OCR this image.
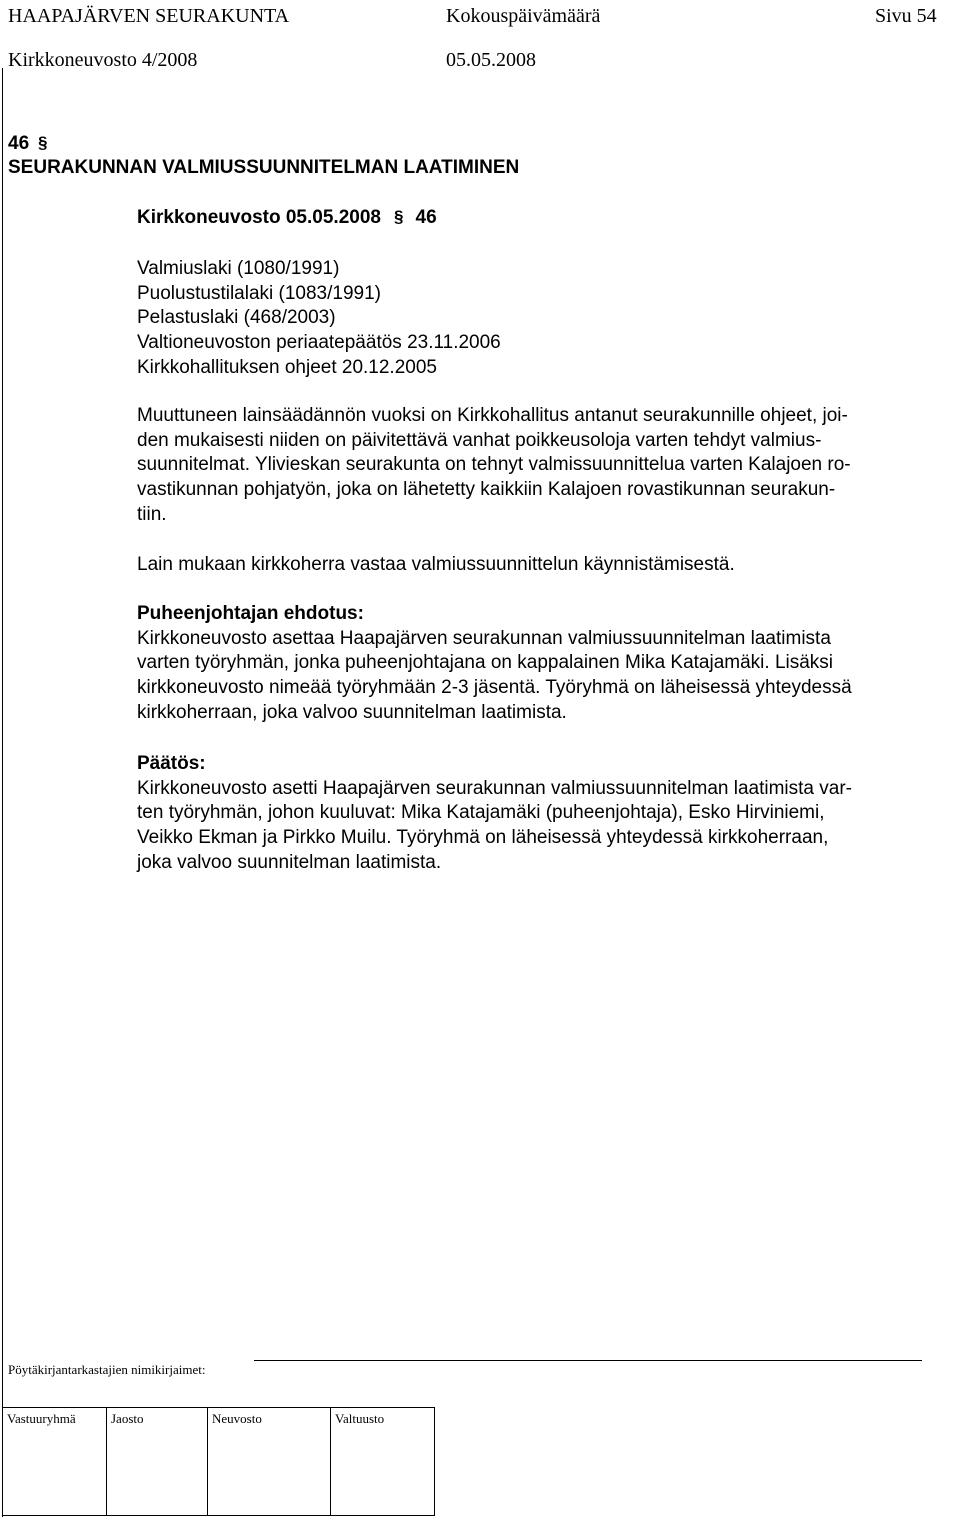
HAAPAJÄRVEN SEURAKUNTA	Kokouspäivämäärä	Sivu 54
Kirkkoneuvosto 4/2008	05.05.2008
46 §
SEURAKUNNAN VALMIUSSUUNNITELMAN LAATIMINEN
Kirkkoneuvosto 05.05.2008 § 46
Valmiuslaki (1080/1991)
Puolustustilalaki (1083/1991)
Pelastuslaki (468/2003)
Valtioneuvoston periaatepäätös 23.11.2006
Kirkkohallituksen ohjeet 20.12.2005
Muuttuneen lainsäädännön vuoksi on Kirkkohallitus antanut seurakunnille ohjeet, joi-
den mukaisesti niiden on päivitettävä vanhat poikkeusoloja varten tehdyt valmius-
suunnitelmat. Ylivieskan seurakunta on tehnyt valmissuunnittelua varten Kalajoen ro-
vastikunnan pohjatyön, joka on lähetetty kaikkiin Kalajoen rovastikunnan seurakun-
tiin.
Lain mukaan kirkkoherra vastaa valmiussuunnittelun käynnistämisestä.
Puheenjohtajan ehdotus:
Kirkkoneuvosto asettaa Haapajärven seurakunnan valmiussuunnitelman laatimista
varten työryhmän, jonka puheenjohtajana on kappalainen Mika Katajamäki. Lisäksi
kirkkoneuvosto nimeää työryhmään 2-3 jäsentä. Työryhmä on läheisessä yhteydessä
kirkkoherraan, joka valvoo suunnitelman laatimista.
Päätös:
Kirkkoneuvosto asetti Haapajärven seurakunnan valmiussuunnitelman laatimista var-
ten työryhmän, johon kuuluvat: Mika Katajamäki (puheenjohtaja), Esko Hirviniemi,
Veikko Ekman ja Pirkko Muilu. Työryhmä on läheisessä yhteydessä kirkkoherraan,
joka valvoo suunnitelman laatimista.
Pöytäkirjantarkastajien nimikirjaimet:
Vastuuryhmä	Jaosto	Neuvosto	Valtuusto
